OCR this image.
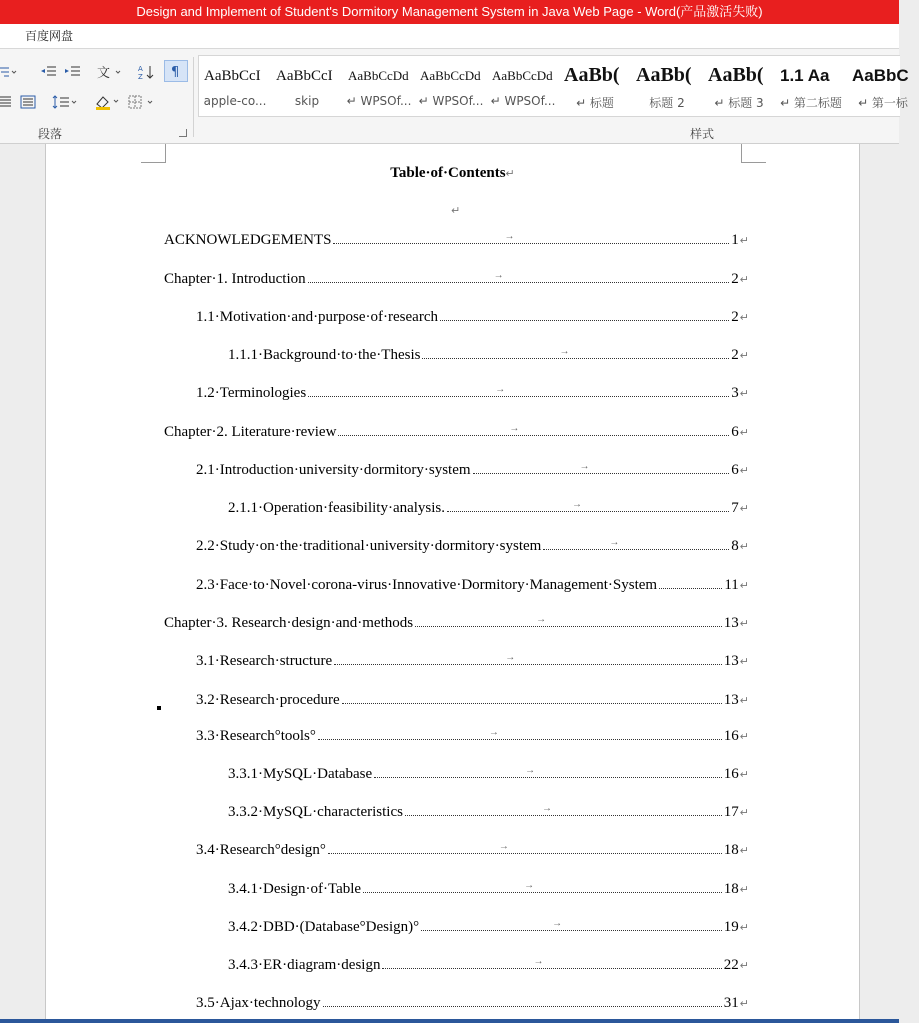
Design and Implement of Student's Dormitory Management System in Java Web Page - Word(产品激活失败)
百度网盘
文	A
Z ¶
段落
AaBbCcI
apple-co...
AaBbCcI
skip
AaBbCcDd
↵ WPSOf...
AaBbCcDd
↵ WPSOf...
AaBbCcDd
↵ WPSOf...
AaBb(
↵ 标题
AaBb(
标题 2
AaBb(
↵ 标题 3
1.1 Aa
↵ 第二标题
AaBbC
↵ 第一标
样式
Table·of·Contents↵
↵
ACKNOWLEDGEMENTS	→	1 ↵
Chapter·1. Introduction	→	2 ↵
1.1·Motivation·and·purpose·of·research	2 ↵
1.1.1·Background·to·the·Thesis	→	2 ↵
1.2·Terminologies	→	3 ↵
Chapter·2. Literature·review	→	6 ↵
2.1·Introduction·university·dormitory·system	→	6 ↵
2.1.1·Operation·feasibility·analysis.	→	7 ↵
2.2·Study·on·the·traditional·university·dormitory·system	→	8 ↵
2.3·Face·to·Novel·corona-virus·Innovative·Dormitory·Management·System	11 ↵
Chapter·3. Research·design·and·methods	→	13 ↵
3.1·Research·structure	→	13 ↵
3.2·Research·procedure	13 ↵
3.3·Research°tools°	→	16 ↵
3.3.1·MySQL·Database	→	16 ↵
3.3.2·MySQL·characteristics	→	17 ↵
3.4·Research°design°	→	18 ↵
3.4.1·Design·of·Table	→	18 ↵
3.4.2·DBD·(Database°Design)°	→	19 ↵
3.4.3·ER·diagram·design	→	22 ↵
3.5·Ajax·technology	31 ↵
